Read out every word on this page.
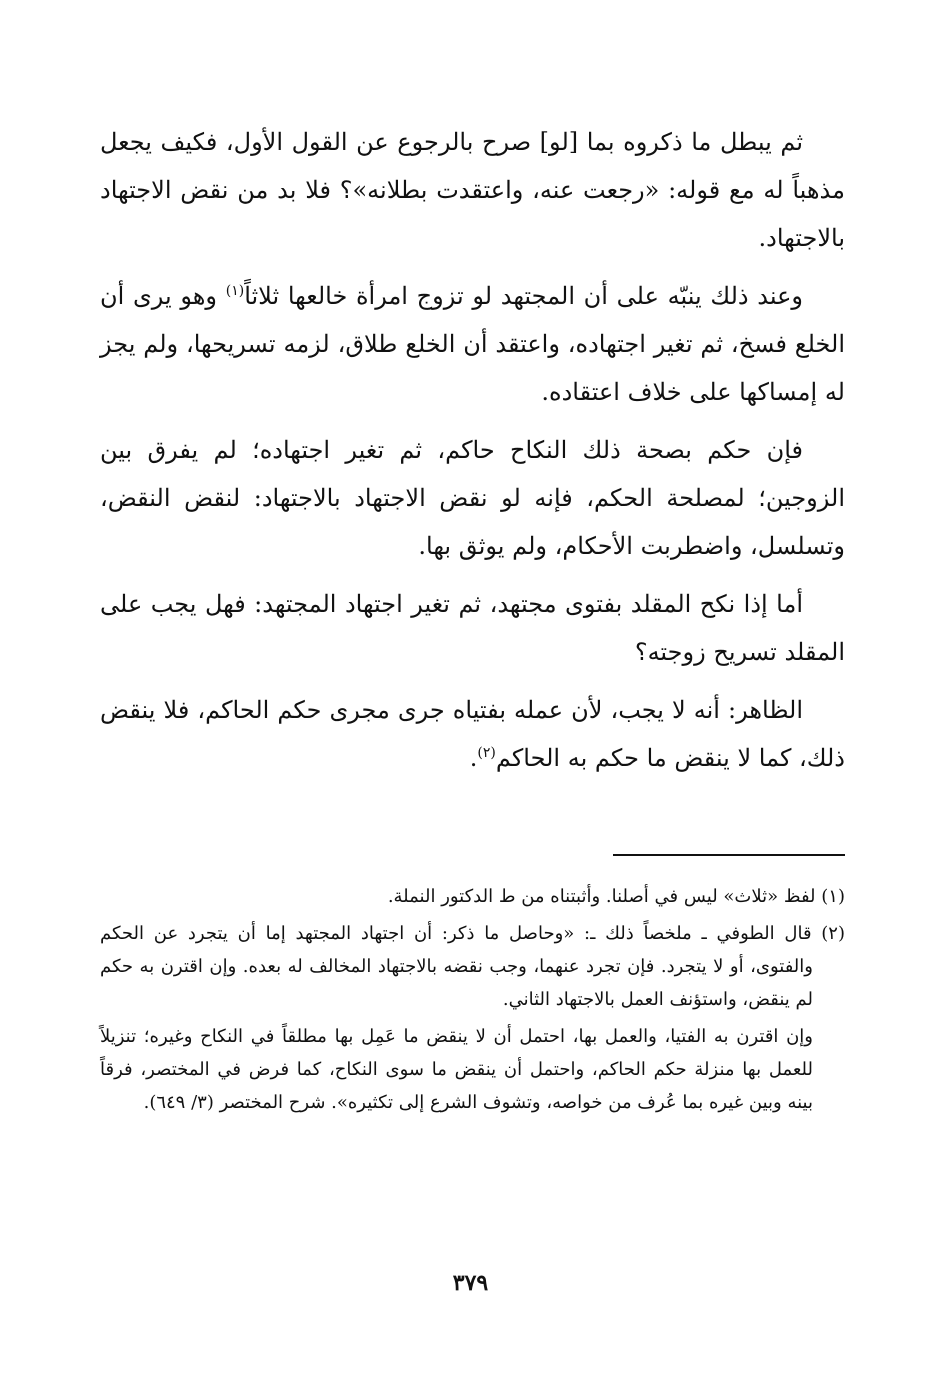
ثم يبطل ما ذكروه بما [لو] صرح بالرجوع عن القول الأول، فكيف يجعل مذهباً له مع قوله: «رجعت عنه، واعتقدت بطلانه»؟ فلا بد من نقض الاجتهاد بالاجتهاد.

وعند ذلك ينبّه على أن المجتهد لو تزوج امرأة خالعها ثلاثاً$^{(١)}$ وهو يرى أن الخلع فسخ، ثم تغير اجتهاده، واعتقد أن الخلع طلاق، لزمه تسريحها، ولم يجز له إمساكها على خلاف اعتقاده.

فإن حكم بصحة ذلك النكاح حاكم، ثم تغير اجتهاده؛ لم يفرق بين الزوجين؛ لمصلحة الحكم، فإنه لو نقض الاجتهاد بالاجتهاد: لنقض النقض، وتسلسل، واضطربت الأحكام، ولم يوثق بها.

أما إذا نكح المقلد بفتوى مجتهد، ثم تغير اجتهاد المجتهد: فهل يجب على المقلد تسريح زوجته؟

الظاهر: أنه لا يجب، لأن عمله بفتياه جرى مجرى حكم الحاكم، فلا ينقض ذلك، كما لا ينقض ما حكم به الحاكم$^{(٢)}$.

(١) لفظ «ثلاث» ليس في أصلنا. وأثبتناه من ط الدكتور النملة.

(٢) قال الطوفي ـ ملخصاً ذلك ـ: «وحاصل ما ذكر: أن اجتهاد المجتهد إما أن يتجرد عن الحكم والفتوى، أو لا يتجرد. فإن تجرد عنهما، وجب نقضه بالاجتهاد المخالف له بعده. وإن اقترن به حكم لم ينقض، واستؤنف العمل بالاجتهاد الثاني.

وإن اقترن به الفتيا، والعمل بها، احتمل أن لا ينقض ما عَمِل بها مطلقاً في النكاح وغيره؛ تنزيلاً للعمل بها منزلة حكم الحاكم، واحتمل أن ينقض ما سوى النكاح، كما فرض في المختصر، فرقاً بينه وبين غيره بما عُرف من خواصه، وتشوف الشرع إلى تكثيره». شرح المختصر (٣/ ٦٤٩).

٣٧٩
